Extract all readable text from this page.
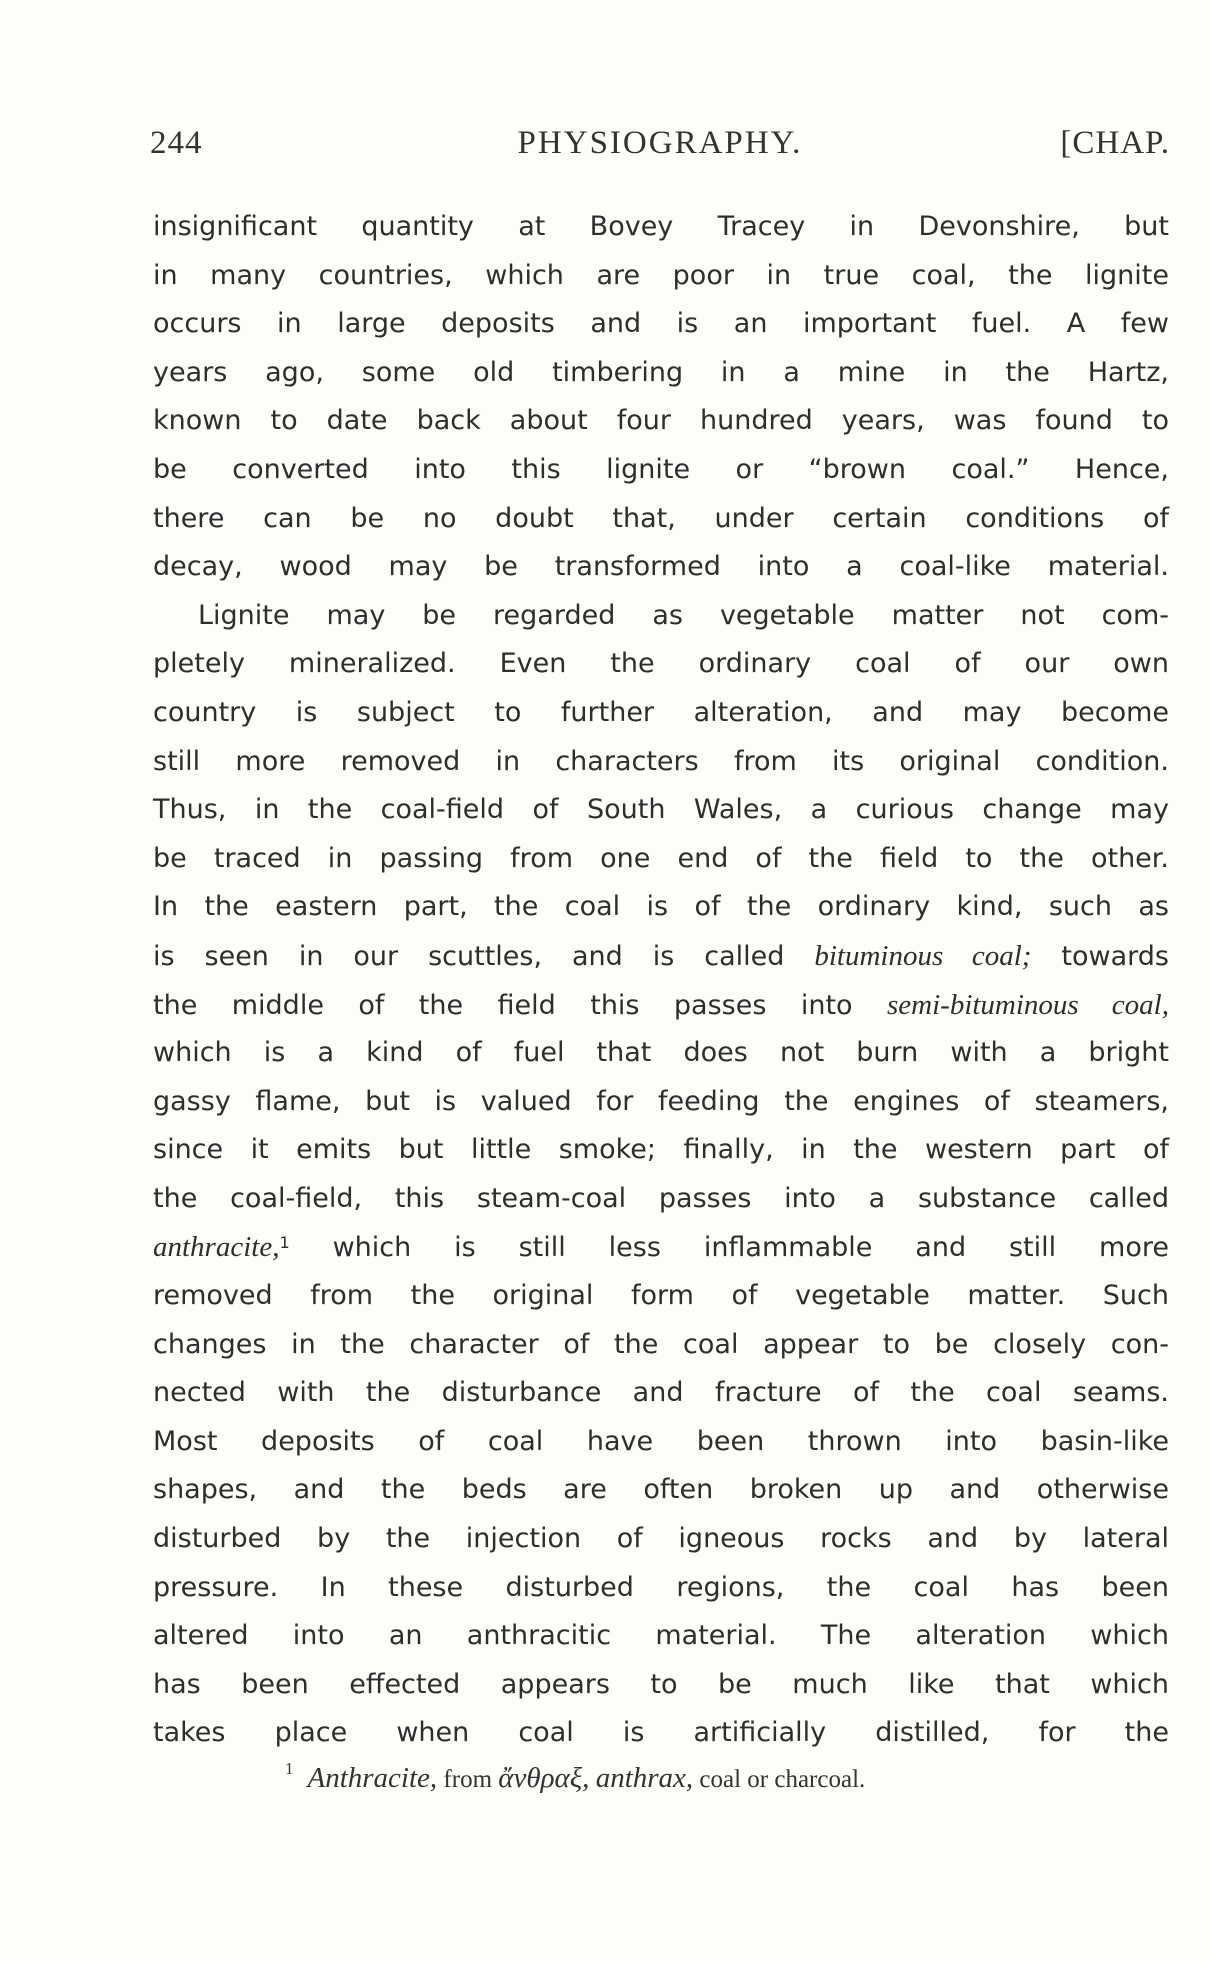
244	PHYSIOGRAPHY.	[CHAP.
insignificant quantity at Bovey Tracey in Devonshire, but
in many countries, which are poor in true coal, the lignite
occurs in large deposits and is an important fuel. A few
years ago, some old timbering in a mine in the Hartz,
known to date back about four hundred years, was found to
be converted into this lignite or “brown coal.” Hence,
there can be no doubt that, under certain conditions of
decay, wood may be transformed into a coal-like material.
Lignite may be regarded as vegetable matter not com-
pletely mineralized. Even the ordinary coal of our own
country is subject to further alteration, and may become
still more removed in characters from its original condition.
Thus, in the coal-field of South Wales, a curious change may
be traced in passing from one end of the field to the other.
In the eastern part, the coal is of the ordinary kind, such as
is seen in our scuttles, and is called bituminous coal; towards
the middle of the field this passes into semi-bituminous coal,
which is a kind of fuel that does not burn with a bright
gassy flame, but is valued for feeding the engines of steamers,
since it emits but little smoke; finally, in the western part of
the coal-field, this steam-coal passes into a substance called
anthracite,$^1$ which is still less inflammable and still more
removed from the original form of vegetable matter. Such
changes in the character of the coal appear to be closely con-
nected with the disturbance and fracture of the coal seams.
Most deposits of coal have been thrown into basin-like
shapes, and the beds are often broken up and otherwise
disturbed by the injection of igneous rocks and by lateral
pressure. In these disturbed regions, the coal has been
altered into an anthracitic material. The alteration which
has been effected appears to be much like that which
takes place when coal is artificially distilled, for the
$^1$ Anthracite, from ἄνθραξ, anthrax, coal or charcoal.
